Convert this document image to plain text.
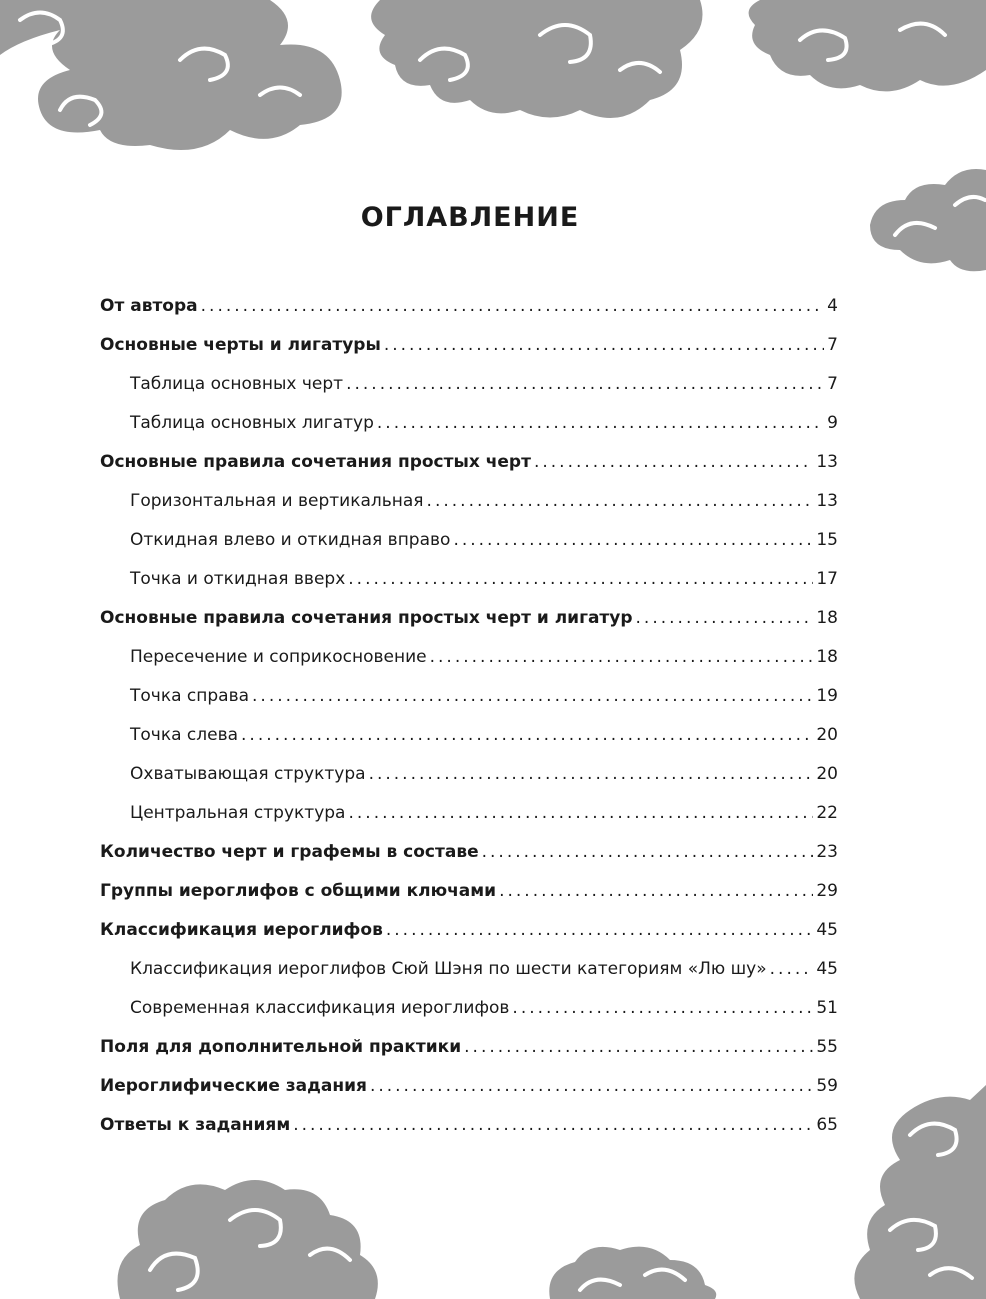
ОГЛАВЛЕНИЕ
От автора .....	4
Основные черты и лигатуры .....	7
Таблица основных черт .....	7
Таблица основных лигатур .....	9
Основные правила сочетания простых черт .....	13
Горизонтальная и вертикальная .....	13
Откидная влево и откидная вправо .....	15
Точка и откидная вверх .....	17
Основные правила сочетания простых черт и лигатур .....	18
Пересечение и соприкосновение .....	18
Точка справа .....	19
Точка слева .....	20
Охватывающая структура .....	20
Центральная структура .....	22
Количество черт и графемы в составе .....	23
Группы иероглифов с общими ключами .....	29
Классификация иероглифов .....	45
Классификация иероглифов Сюй Шэня по шести категориям «Лю шу» .....	45
Современная классификация иероглифов .....	51
Поля для дополнительной практики .....	55
Иероглифические задания .....	59
Ответы к заданиям .....	65
